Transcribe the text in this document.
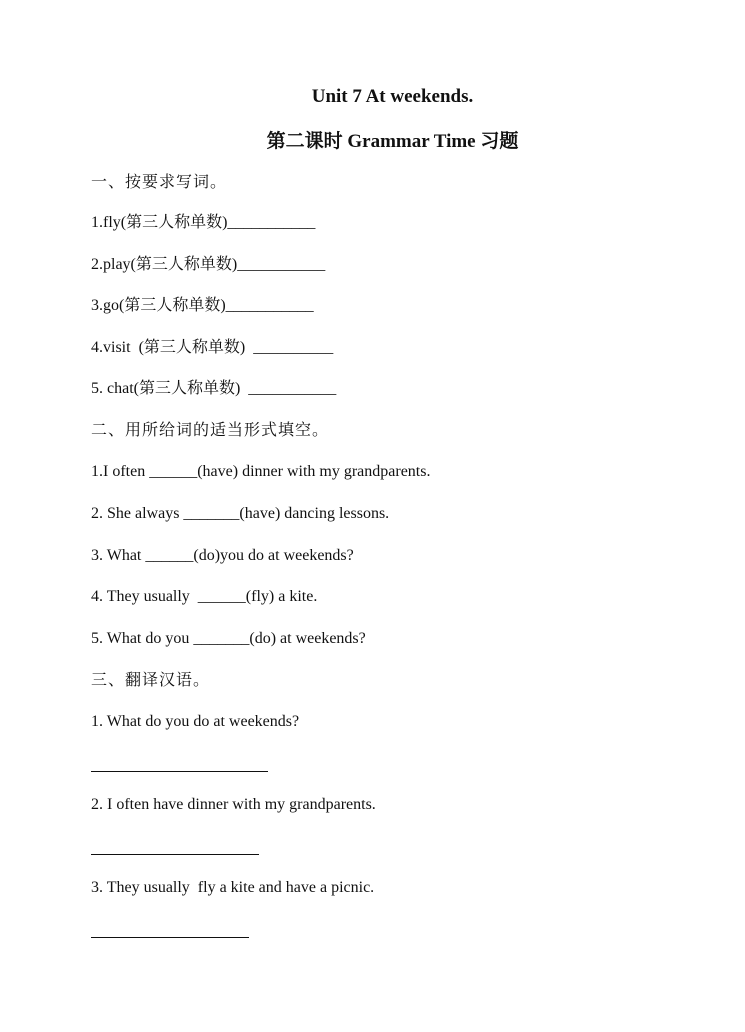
Unit 7 At weekends.
第二课时 Grammar Time 习题
一、按要求写词。
1.fly(第三人称单数)___________
2.play(第三人称单数)___________
3.go(第三人称单数)___________
4.visit  (第三人称单数)  __________
5. chat(第三人称单数)  ___________
二、用所给词的适当形式填空。
1.I often ______(have) dinner with my grandparents.
2. She always _______(have) dancing lessons.
3. What ______(do)you do at weekends?
4. They usually  ______(fly) a kite.
5. What do you _______(do) at weekends?
三、翻译汉语。
1. What do you do at weekends?
2. I often have dinner with my grandparents.
3. They usually  fly a kite and have a picnic.
